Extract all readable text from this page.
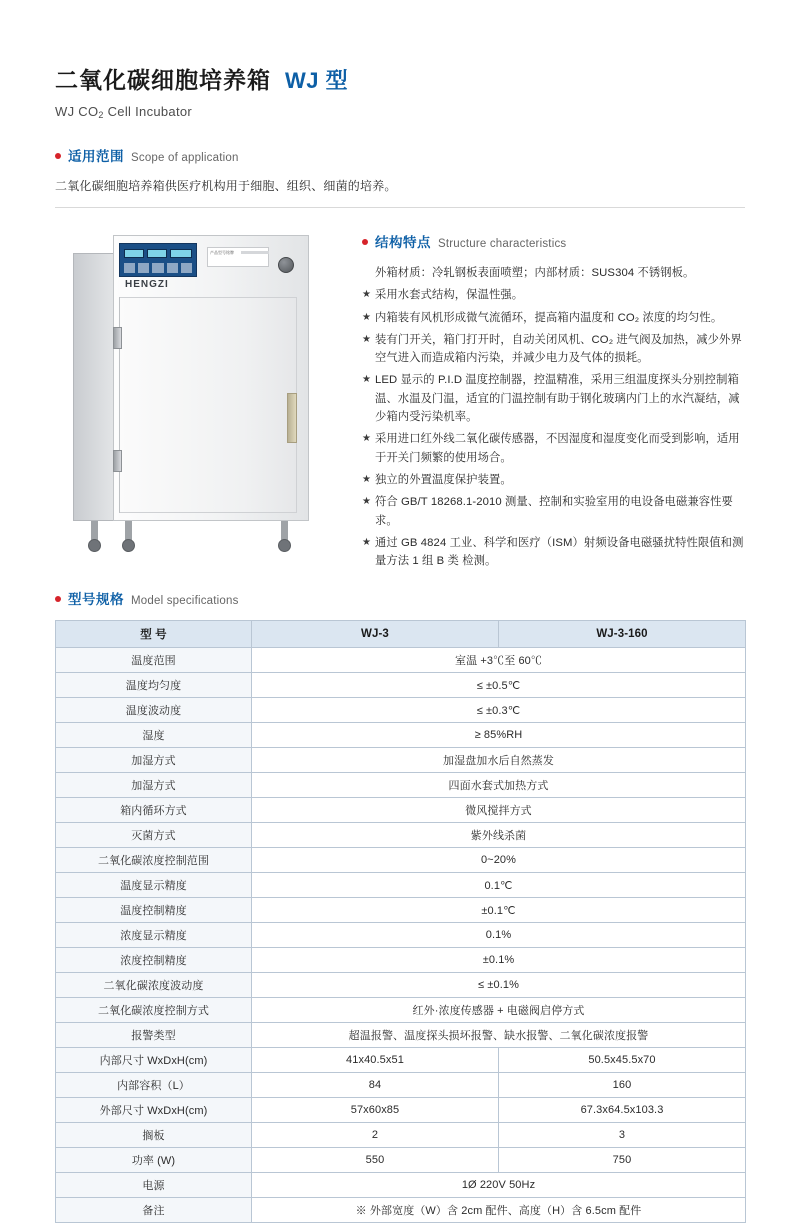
二氧化碳细胞培养箱 WJ 型
WJ $CO_2$ Cell Incubator
适用范围 Scope of application
二氧化碳细胞培养箱供医疗机构用于细胞、组织、细菌的培养。
产品型号铭牌
HENGZI
结构特点 Structure characteristics
外箱材质：冷轧钢板表面喷塑；内部材质：SUS304 不锈钢板。
★ 采用水套式结构，保温性强。
★ 内箱装有风机形成微气流循环，提高箱内温度和 CO₂ 浓度的均匀性。
★ 装有门开关，箱门打开时，自动关闭风机、CO₂ 进气阀及加热，减少外界空气进入而造成箱内污染，并减少电力及气体的损耗。
★ LED 显示的 P.I.D 温度控制器，控温精准，采用三组温度探头分别控制箱温、水温及门温，适宜的门温控制有助于钢化玻璃内门上的水汽凝结，减少箱内受污染机率。
★ 采用进口红外线二氧化碳传感器，不因湿度和湿度变化而受到影响，适用于开关门频繁的使用场合。
★ 独立的外置温度保护装置。
★ 符合 GB/T 18268.1-2010 测量、控制和实验室用的电设备电磁兼容性要求。
★ 通过 GB 4824 工业、科学和医疗（ISM）射频设备电磁骚扰特性限值和测量方法 1 组 B 类 检测。
型号规格 Model specifications
型 号	WJ-3	WJ-3-160
温度范围	室温 +3℃至 60℃	
温度均匀度	≤ ±0.5℃	
温度波动度	≤ ±0.3℃	
湿度	≥ 85%RH	
加湿方式	加湿盘加水后自然蒸发	
加湿方式	四面水套式加热方式	
箱内循环方式	微风搅拌方式	
灭菌方式	紫外线杀菌	
二氧化碳浓度控制范围	0~20%	
温度显示精度	0.1℃	
温度控制精度	±0.1℃	
浓度显示精度	0.1%	
浓度控制精度	±0.1%	
二氧化碳浓度波动度	≤ ±0.1%	
二氧化碳浓度控制方式	红外·浓度传感器 + 电磁阀启停方式	
报警类型	超温报警、温度探头损坏报警、缺水报警、二氧化碳浓度报警	
内部尺寸 WxDxH(cm)	41x40.5x51	50.5x45.5x70
内部容积（L）	84	160
外部尺寸 WxDxH(cm)	57x60x85	67.3x64.5x103.3
搁板	2	3
功率 (W)	550	750
电源	1Ø 220V 50Hz	
备注	※ 外部宽度（W）含 2cm 配件、高度（H）含 6.5cm 配件	
